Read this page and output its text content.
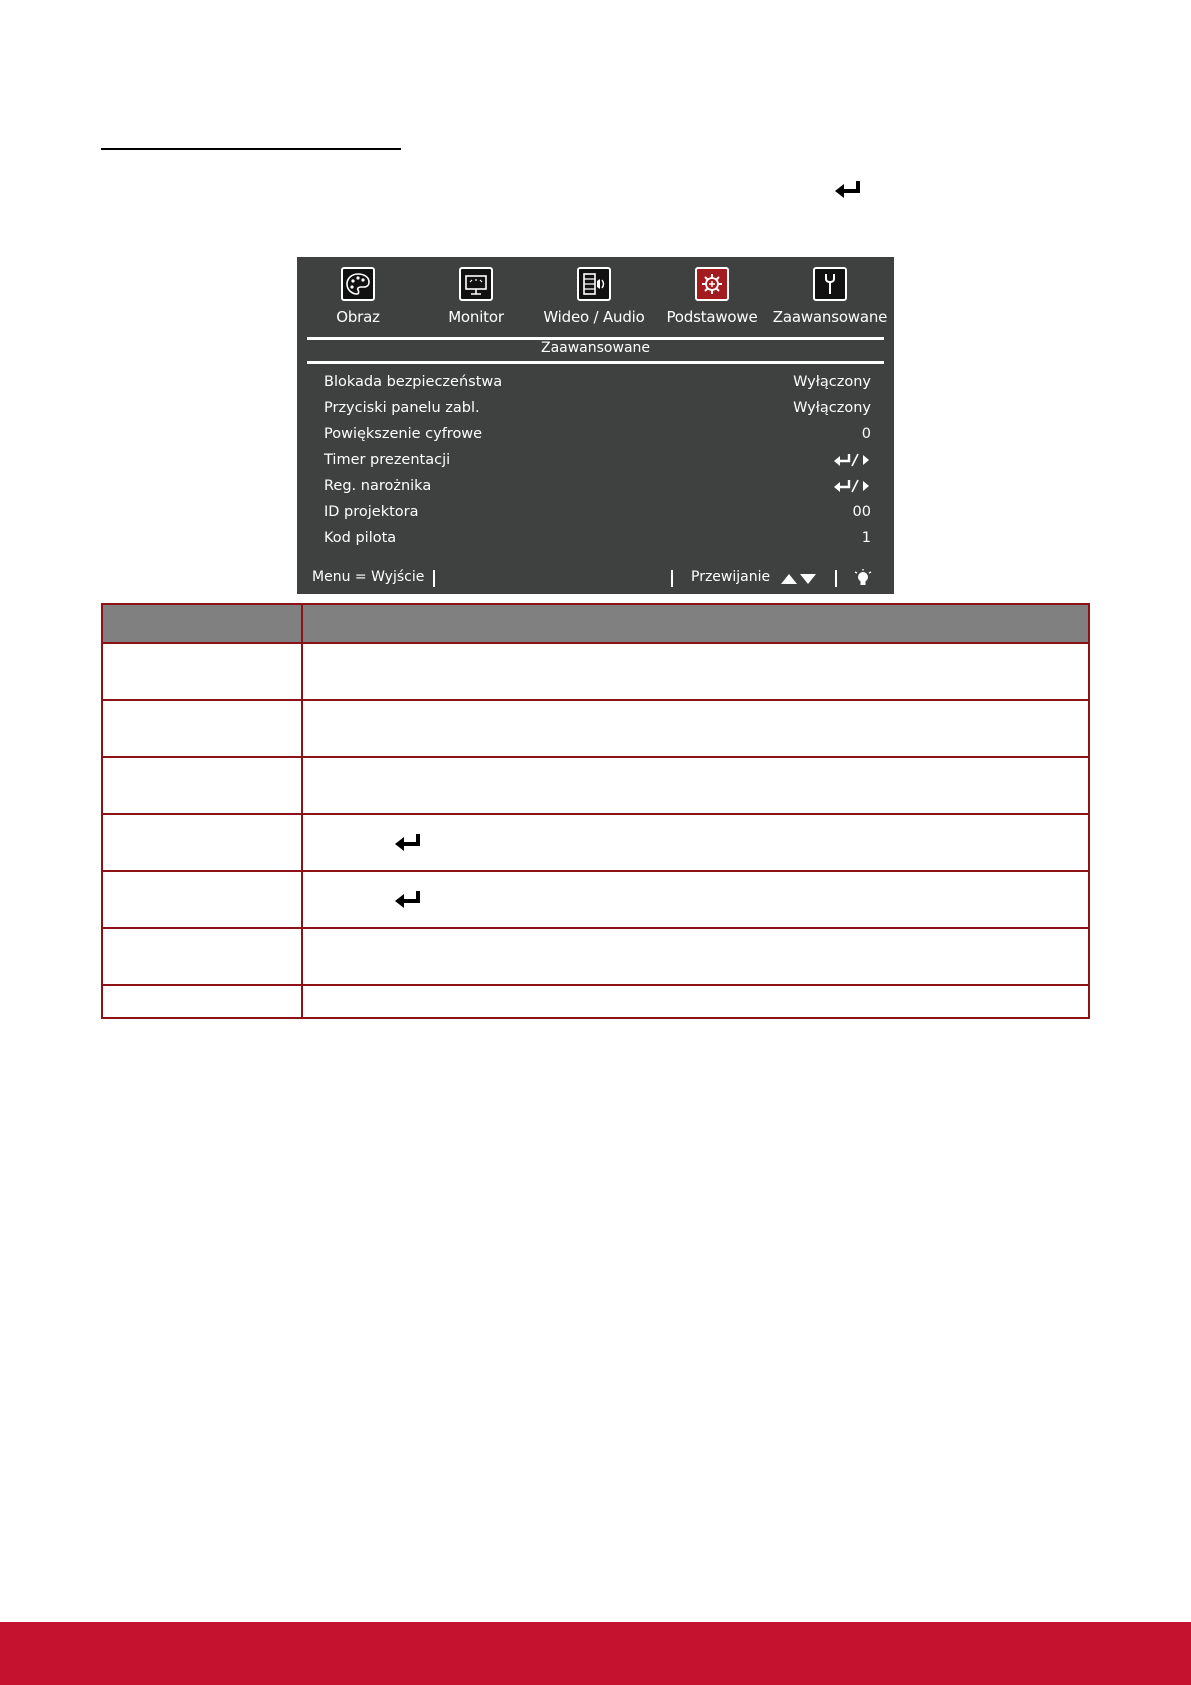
Obraz	Monitor	Wideo / Audio	Podstawowe	Zaawansowane
Zaawansowane
Blokada bezpieczeństwa	Wyłączony
Przyciski panelu zabl.	Wyłączony
Powiększenie cyfrowe	0
Timer prezentacji
Reg. narożnika
ID projektora	00
Kod pilota	1
Menu = Wyjście	Przewijanie
